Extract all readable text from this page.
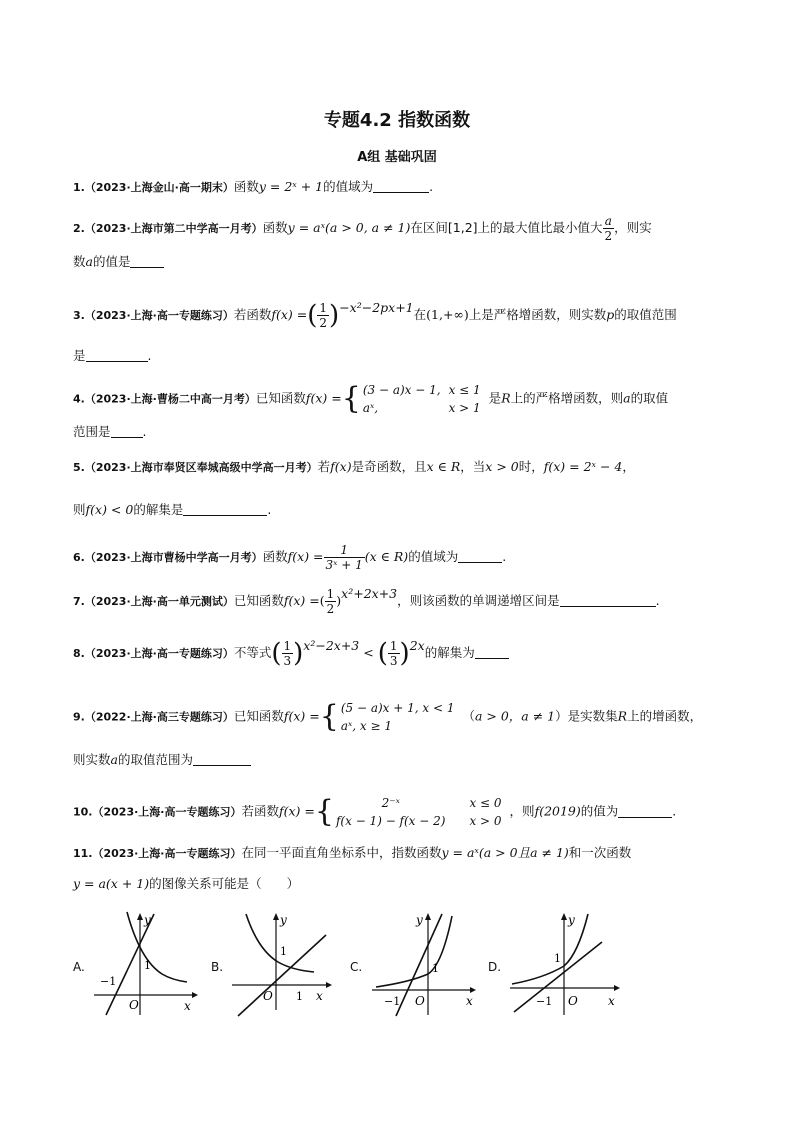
专题4.2 指数函数
A组 基础巩固
1.（2023·上海金山·高一期末）函数y = 2ˣ + 1的值域为	.
2.（2023·上海市第二中学高一月考）函数y = aˣ(a > 0, a ≠ 1)在区间[1,2]上的最大值比最小值大 $\frac{a}{2}$ ，则实
数a的值是
3.（2023·上海·高一专题练习）若函数f(x) =( $\frac{1}{2} )^{-x^2-2px+1}$在(1,+∞)上是严格增函数，则实数p的取值范围
是	.
4.（2023·上海·曹杨二中高一月考）已知函数f(x) ={ (3 − a)x − 1,	x ≤ 1
aˣ,	x > 1是R上的严格增函数，则a的取值
范围是	.
5.（2023·上海市奉贤区奉城高级中学高一月考）若f(x)是奇函数，且x ∈ R，当x > 0时，f(x) = 2ˣ − 4，
则f(x) < 0的解集是	.
6.（2023·上海市曹杨中学高一月考）函数$f(x) = \frac{1}{\text{3ˣ + 1}} (x$ ∈ R)的值域为	.
7.（2023·上海·高一单元测试）已知函数f(x) =( $\frac{1}{2} )^{x^2+2x+3}$，则该函数的单调递增区间是	.
8.（2023·上海·高一专题练习）不等式( $\frac{1}{3} )^{x^2-2x+3}$ < ( $\frac{1}{3} )^{2x}$的解集为
9.（2022·上海·高三专题练习）已知函数f(x) ={ (5 − a)x + 1, x < 1
aˣ, x ≥ 1（a > 0，a ≠ 1）是实数集R上的增函数，
则实数a的取值范围为
10.（2023·上海·高一专题练习）若函数f(x) ={	2⁻ˣ	x ≤ 0
f(x − 1) − f(x − 2)	x > 0，则f(2019)的值为	.
11.（2023·上海·高一专题练习）在同一平面直角坐标系中，指数函数y = aˣ(a > 0且a ≠ 1)和一次函数
y = a(x + 1)的图像关系可能是（　　）
A.
−1
1
O	x
y
B.
1
1
O	x
y
C.
−1
1
O	x
y
D.
−1
1
O	x
y
